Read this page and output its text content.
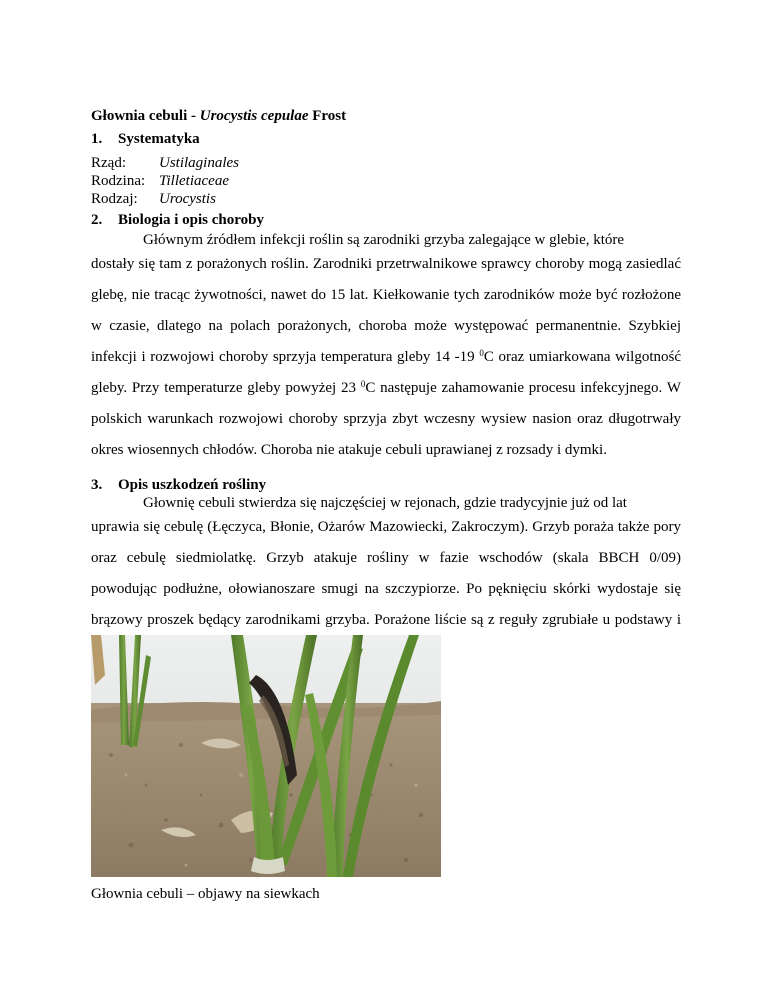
Głownia cebuli - Urocystis cepulae Frost
1. Systematyka
Rząd:	Ustilaginales
Rodzina: Tilletiaceae
Rodzaj:	Urocystis
2. Biologia i opis choroby
Głównym źródłem infekcji roślin są zarodniki grzyba zalegające w glebie, które
dostały się tam z porażonych roślin. Zarodniki przetrwalnikowe sprawcy choroby mogą zasiedlać glebę, nie tracąc żywotności, nawet do 15 lat. Kiełkowanie tych zarodników może być rozłożone w czasie, dlatego na polach porażonych, choroba może występować permanentnie. Szybkiej infekcji i rozwojowi choroby sprzyja temperatura gleby 14 -19 $^0$C oraz umiarkowana wilgotność gleby. Przy temperaturze gleby powyżej 23 $^0$C następuje zahamowanie procesu infekcyjnego. W polskich warunkach rozwojowi choroby sprzyja zbyt wczesny wysiew nasion oraz długotrwały okres wiosennych chłodów. Choroba nie atakuje cebuli uprawianej z rozsady i dymki.
3. Opis uszkodzeń rośliny
Głownię cebuli stwierdza się najczęściej w rejonach, gdzie tradycyjnie już od lat
uprawia się cebulę (Łęczyca, Błonie, Ożarów Mazowiecki, Zakroczym). Grzyb poraża także pory oraz cebulę siedmiolatkę. Grzyb atakuje rośliny w fazie wschodów (skala BBCH 0/09) powodując podłużne, ołowianoszare smugi na szczypiorze. Po pęknięciu skórki wydostaje się brązowy proszek będący zarodnikami grzyba. Porażone liście są z reguły zgrubiałe u podstawy i
Głownia cebuli – objawy na siewkach
